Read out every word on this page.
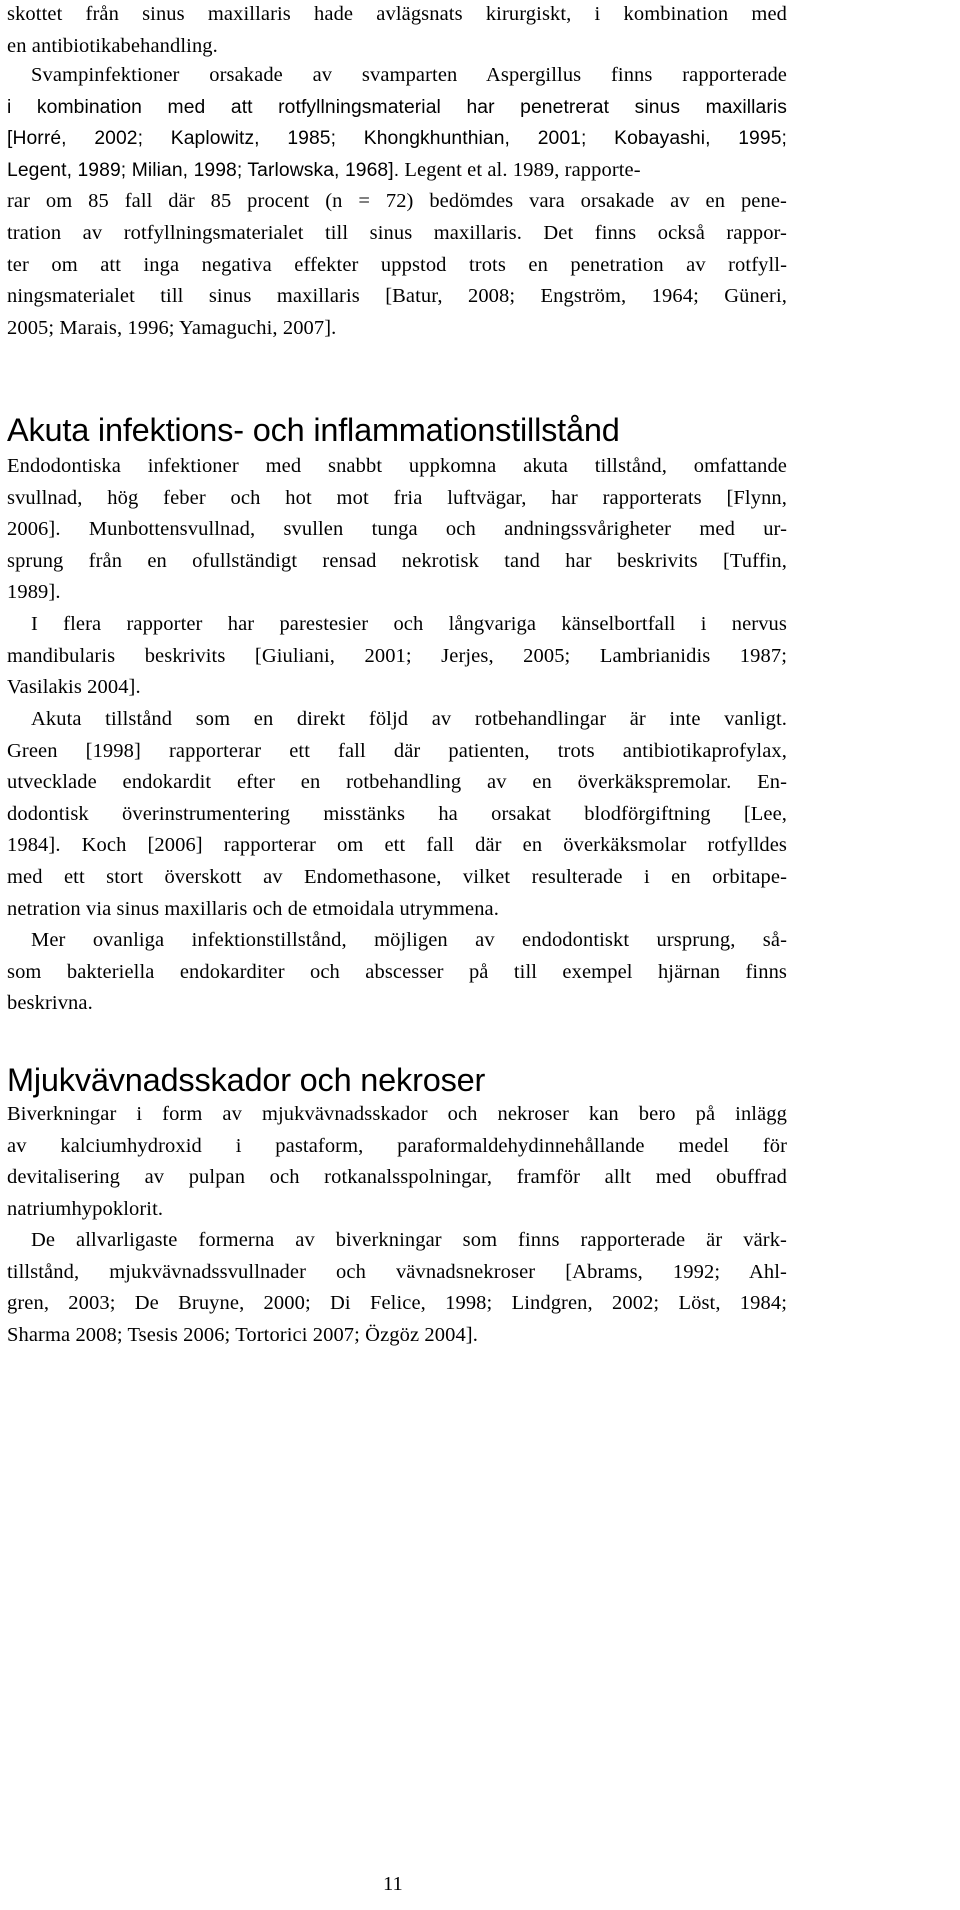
skottet från sinus maxillaris hade avlägsnats kirurgiskt, i kombination med
en antibiotikabehandling.
Svampinfektioner orsakade av svamparten Aspergillus finns rapporterade
i kombination med att rotfyllningsmaterial har penetrerat sinus maxillaris
[Horré, 2002; Kaplowitz, 1985; Khongkhunthian, 2001; Kobayashi, 1995;
Legent, 1989; Milian, 1998; Tarlowska, 1968]. Legent et al. 1989, rapporte-
rar om 85 fall där 85 procent (n = 72) bedömdes vara orsakade av en pene-
tration av rotfyllningsmaterialet till sinus maxillaris. Det finns också rappor-
ter om att inga negativa effekter uppstod trots en penetration av rotfyll-
ningsmaterialet till sinus maxillaris [Batur, 2008; Engström, 1964; Güneri,
2005; Marais, 1996; Yamaguchi, 2007].
Akuta infektions- och inflammationstillstånd
Endodontiska infektioner med snabbt uppkomna akuta tillstånd, omfattande
svullnad, hög feber och hot mot fria luftvägar, har rapporterats [Flynn,
2006]. Munbottensvullnad, svullen tunga och andningssvårigheter med ur-
sprung från en ofullständigt rensad nekrotisk tand har beskrivits [Tuffin,
1989].
I flera rapporter har parestesier och långvariga känselbortfall i nervus
mandibularis beskrivits [Giuliani, 2001; Jerjes, 2005; Lambrianidis 1987;
Vasilakis 2004].
Akuta tillstånd som en direkt följd av rotbehandlingar är inte vanligt.
Green [1998] rapporterar ett fall där patienten, trots antibiotikaprofylax,
utvecklade endokardit efter en rotbehandling av en överkäkspremolar. En-
dodontisk överinstrumentering misstänks ha orsakat blodförgiftning [Lee,
1984]. Koch [2006] rapporterar om ett fall där en överkäksmolar rotfylldes
med ett stort överskott av Endomethasone, vilket resulterade i en orbitape-
netration via sinus maxillaris och de etmoidala utrymmena.
Mer ovanliga infektionstillstånd, möjligen av endodontiskt ursprung, så-
som bakteriella endokarditer och abscesser på till exempel hjärnan finns
beskrivna.
Mjukvävnadsskador och nekroser
Biverkningar i form av mjukvävnadsskador och nekroser kan bero på inlägg
av kalciumhydroxid i pastaform, paraformaldehydinnehållande medel för
devitalisering av pulpan och rotkanalsspolningar, framför allt med obuffrad
natriumhypoklorit.
De allvarligaste formerna av biverkningar som finns rapporterade är värk-
tillstånd, mjukvävnadssvullnader och vävnadsnekroser [Abrams, 1992; Ahl-
gren, 2003; De Bruyne, 2000; Di Felice, 1998; Lindgren, 2002; Löst, 1984;
Sharma 2008; Tsesis 2006; Tortorici 2007; Özgöz 2004].
11
